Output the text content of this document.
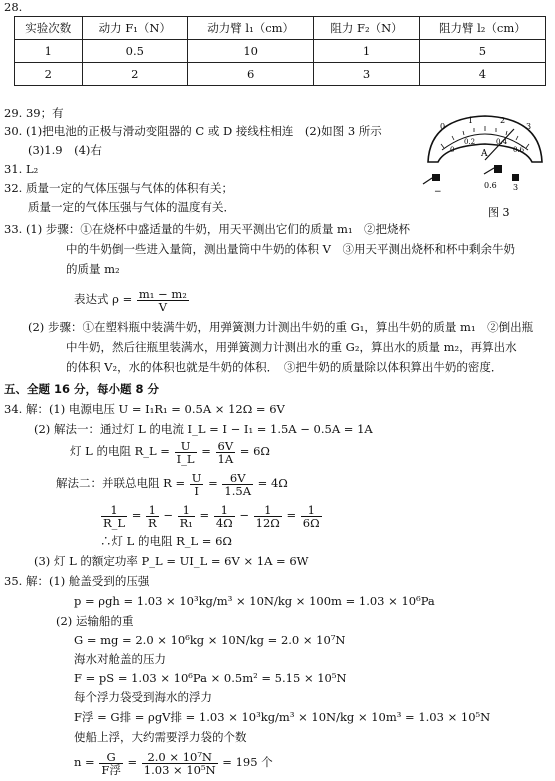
28.
实验次数	动力 F₁（N）	动力臂 l₁（cm）	阻力 F₂（N）	阻力臂 l₂（cm）
1	0.5	10	1	5
2	2	6	3	4
29. 39；有
30. (1)把电池的正极与滑动变阻器的 C 或 D 接线柱相连　(2)如图 3 所示
(3)1.9　(4)右
31. L₂
32. 质量一定的气体压强与气体的体积有关；
质量一定的气体压强与气体的温度有关．
0
1	2
3
0
0.2	0.4
0.6
A
−
0.6 3
图 3
33. (1) 步骤：①在烧杯中盛适量的牛奶，用天平测出它们的质量 m₁　②把烧杯
中的牛奶倒一些进入量筒，测出量筒中牛奶的体积 V　③用天平测出烧杯和杯中剩余牛奶
的质量 m₂
表达式 $\rho = \frac{\text{m₁ − m₂}}{V}$
(2) 步骤：①在塑料瓶中装满牛奶，用弹簧测力计测出牛奶的重 G₁，算出牛奶的质量 m₁　②倒出瓶
中牛奶，然后往瓶里装满水，用弹簧测力计测出水的重 G₂，算出水的质量 m₂，再算出水
的体积 V₂，水的体积也就是牛奶的体积．　③把牛奶的质量除以体积算出牛奶的密度．
五、全题 16 分，每小题 8 分
34. 解：(1) 电源电压 U = I₁R₁ = 0.5A × 12Ω = 6V
(2) 解法一：通过灯 L 的电流 I_L = I − I₁ = 1.5A − 0.5A = 1A
灯 L 的电阻 R_L = $\frac{U}{I\_L} = \frac{6V}{1A} = 6\Omega$
解法二：并联总电阻 $R = \frac{U}{I} = \frac{6V}{1.5A} = 4\Omega$
$\frac{1}{R\_L} = \frac{1}{R} - \frac{1}{\text{R₁}} = \frac{1}{4\Omega} - \frac{1}{12\Omega} = \frac{1}{6\Omega}$
∴灯 L 的电阻 R_L = 6Ω
(3) 灯 L 的额定功率 P_L = UI_L = 6V × 1A = 6W
35. 解：(1) 舱盖受到的压强
p = ρgh = 1.03 × 10³kg/m³ × 10N/kg × 100m = 1.03 × 10⁶Pa
(2) 运输船的重
G = mg = 2.0 × 10⁶kg × 10N/kg = 2.0 × 10⁷N
海水对舱盖的压力
F = pS = 1.03 × 10⁶Pa × 0.5m² = 5.15 × 10⁵N
每个浮力袋受到海水的浮力
F浮 = G排 = ρgV排 = 1.03 × 10³kg/m³ × 10N/kg × 10m³ = 1.03 × 10⁵N
使船上浮，大约需要浮力袋的个数
$n = \frac{G}{\text{F浮}} = \frac{\text{2.0 × 10⁷N}}{\text{1.03 × 10⁵N}} = 195$ 个
